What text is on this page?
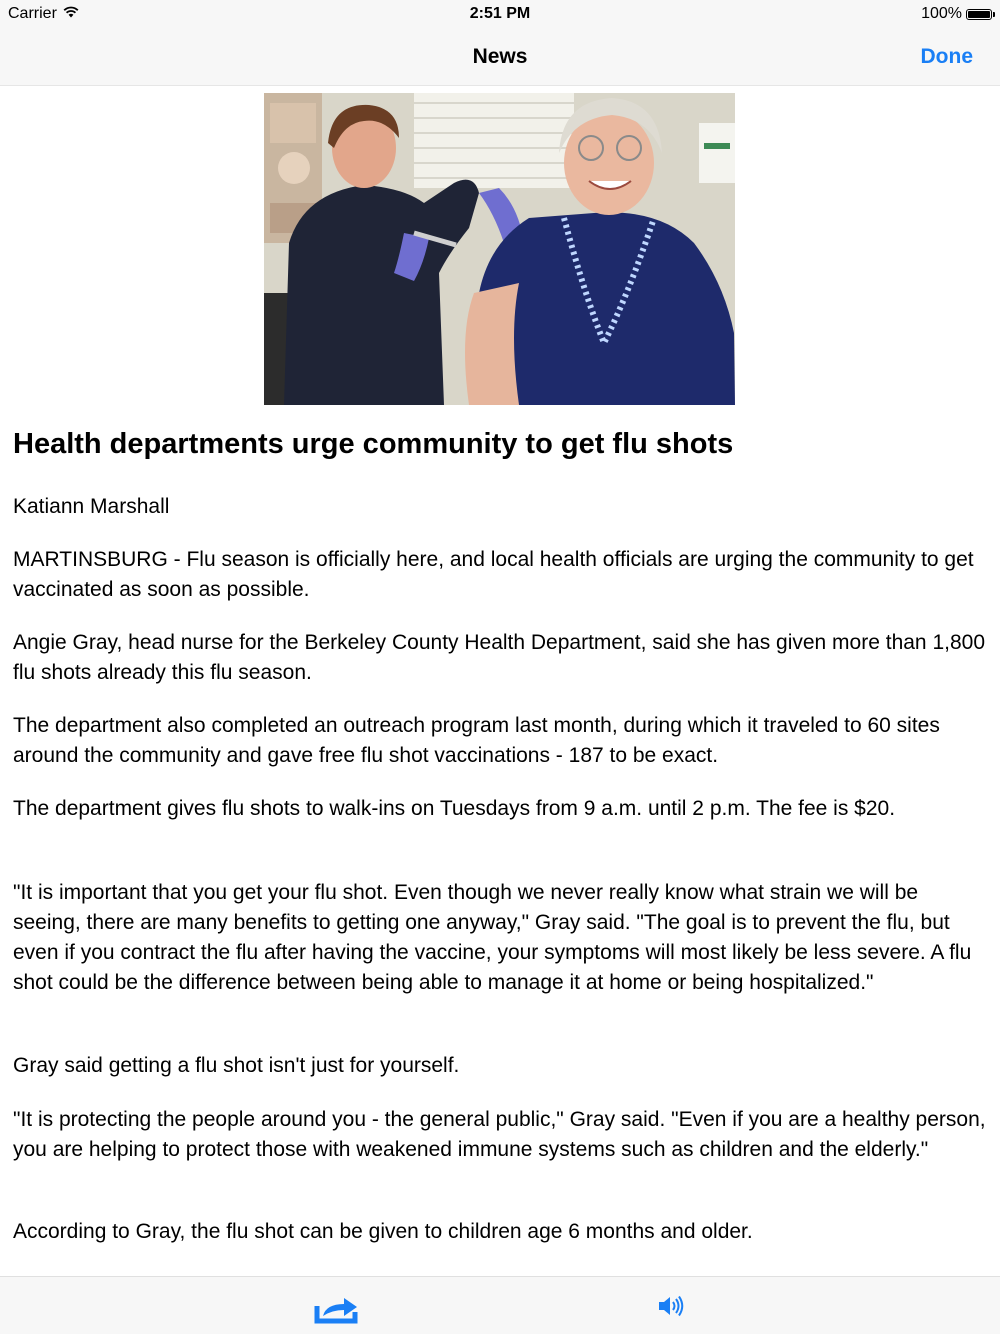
Carrier	2:51 PM	100%
News	Done
Health departments urge community to get flu shots

Katiann Marshall

MARTINSBURG - Flu season is officially here, and local health officials are urging the community to get vaccinated as soon as possible.

Angie Gray, head nurse for the Berkeley County Health Department, said she has given more than 1,800 flu shots already this flu season.

The department also completed an outreach program last month, during which it traveled to 60 sites around the community and gave free flu shot vaccinations - 187 to be exact.

The department gives flu shots to walk-ins on Tuesdays from 9 a.m. until 2 p.m. The fee is $20.

"It is important that you get your flu shot. Even though we never really know what strain we will be seeing, there are many benefits to getting one anyway," Gray said. "The goal is to prevent the flu, but even if you contract the flu after having the vaccine, your symptoms will most likely be less severe. A flu shot could be the difference between being able to manage it at home or being hospitalized."

Gray said getting a flu shot isn't just for yourself.

"It is protecting the people around you - the general public," Gray said. "Even if you are a healthy person, you are helping to protect those with weakened immune systems such as children and the elderly."

According to Gray, the flu shot can be given to children age 6 months and older.
